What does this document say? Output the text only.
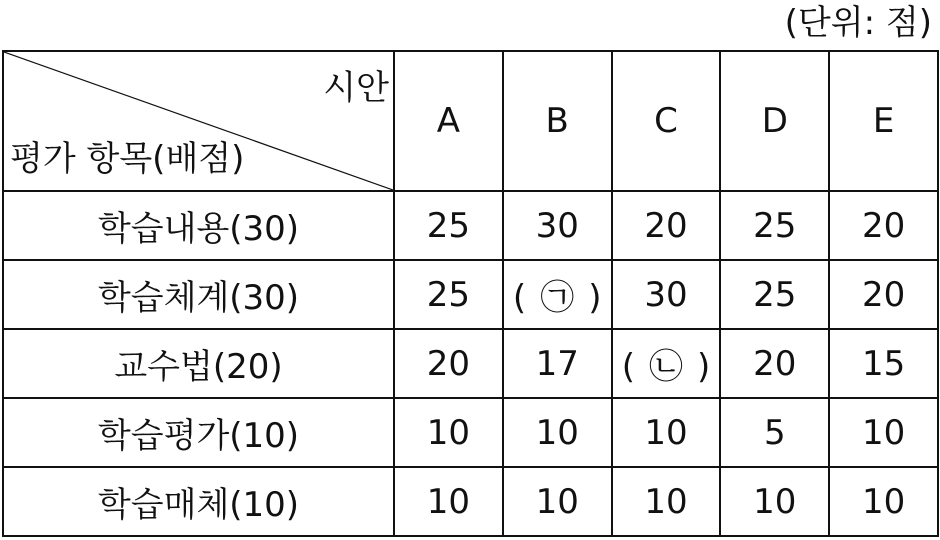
(단위: 점)
시안
평가 항목(배점)	A	B	C	D	E
학습내용(30)	25	30	20	25	20
학습체계(30)	25	( ㉠ )	30	25	20
교수법(20)	20	17	( ㉡ )	20	15
학습평가(10)	10	10	10	5	10
학습매체(10)	10	10	10	10	10
